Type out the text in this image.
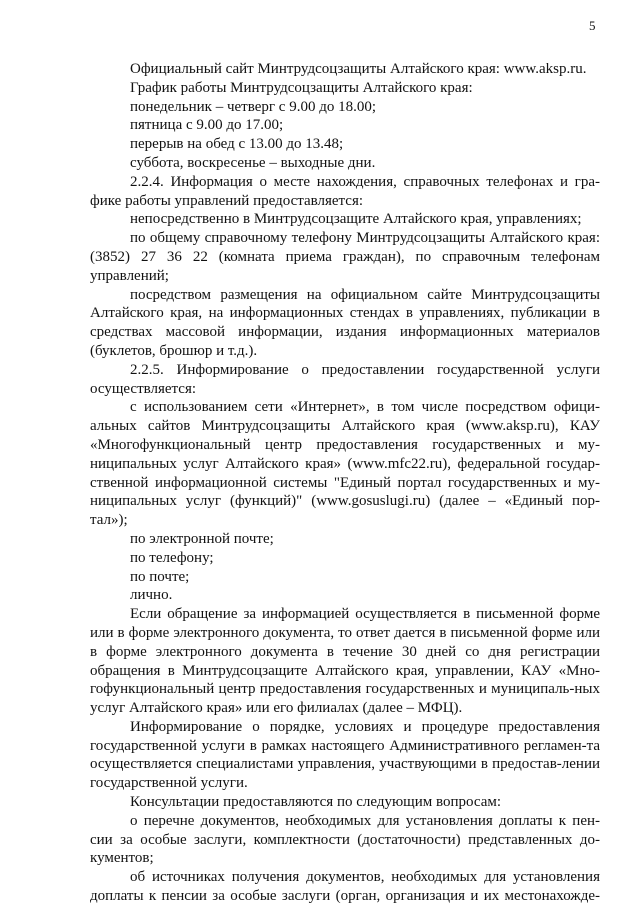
5

Официальный сайт Минтрудсоцзащиты Алтайского края: www.aksp.ru.

График работы Минтрудсоцзащиты Алтайского края:

понедельник – четверг с 9.00 до 18.00;

пятница с 9.00 до 17.00;

перерыв на обед с 13.00 до 13.48;

суббота, воскресенье – выходные дни.

2.2.4. Информация о месте нахождения, справочных телефонах и гра-фике работы управлений предоставляется:

непосредственно в Минтрудсоцзащите Алтайского края, управлениях;

по общему справочному телефону Минтрудсоцзащиты Алтайского края: (3852) 27 36 22 (комната приема граждан), по справочным телефонам управлений;

посредством размещения на официальном сайте Минтрудсоцзащиты Алтайского края, на информационных стендах в управлениях, публикации в средствах массовой информации, издания информационных материалов (буклетов, брошюр и т.д.).

2.2.5. Информирование о предоставлении государственной услуги осуществляется:

с использованием сети «Интернет», в том числе посредством офици-альных сайтов Минтрудсоцзащиты Алтайского края (www.aksp.ru), КАУ «Многофункциональный центр предоставления государственных и му-ниципальных услуг Алтайского края» (www.mfc22.ru), федеральной государ-ственной информационной системы "Единый портал государственных и му-ниципальных услуг (функций)" (www.gosuslugi.ru) (далее – «Единый пор-тал»);

по электронной почте;

по телефону;

по почте;

лично.

Если обращение за информацией осуществляется в письменной форме или в форме электронного документа, то ответ дается в письменной форме или в форме электронного документа в течение 30 дней со дня регистрации обращения в Минтрудсоцзащите Алтайского края, управлении, КАУ «Мно-гофункциональный центр предоставления государственных и муниципаль-ных услуг Алтайского края» или его филиалах (далее – МФЦ).

Информирование о порядке, условиях и процедуре предоставления государственной услуги в рамках настоящего Административного регламен-та осуществляется специалистами управления, участвующими в предостав-лении государственной услуги.

Консультации предоставляются по следующим вопросам:

о перечне документов, необходимых для установления доплаты к пен-сии за особые заслуги, комплектности (достаточности) представленных до-кументов;

об источниках получения документов, необходимых для установления доплаты к пенсии за особые заслуги (орган, организация и их местонахожде-
